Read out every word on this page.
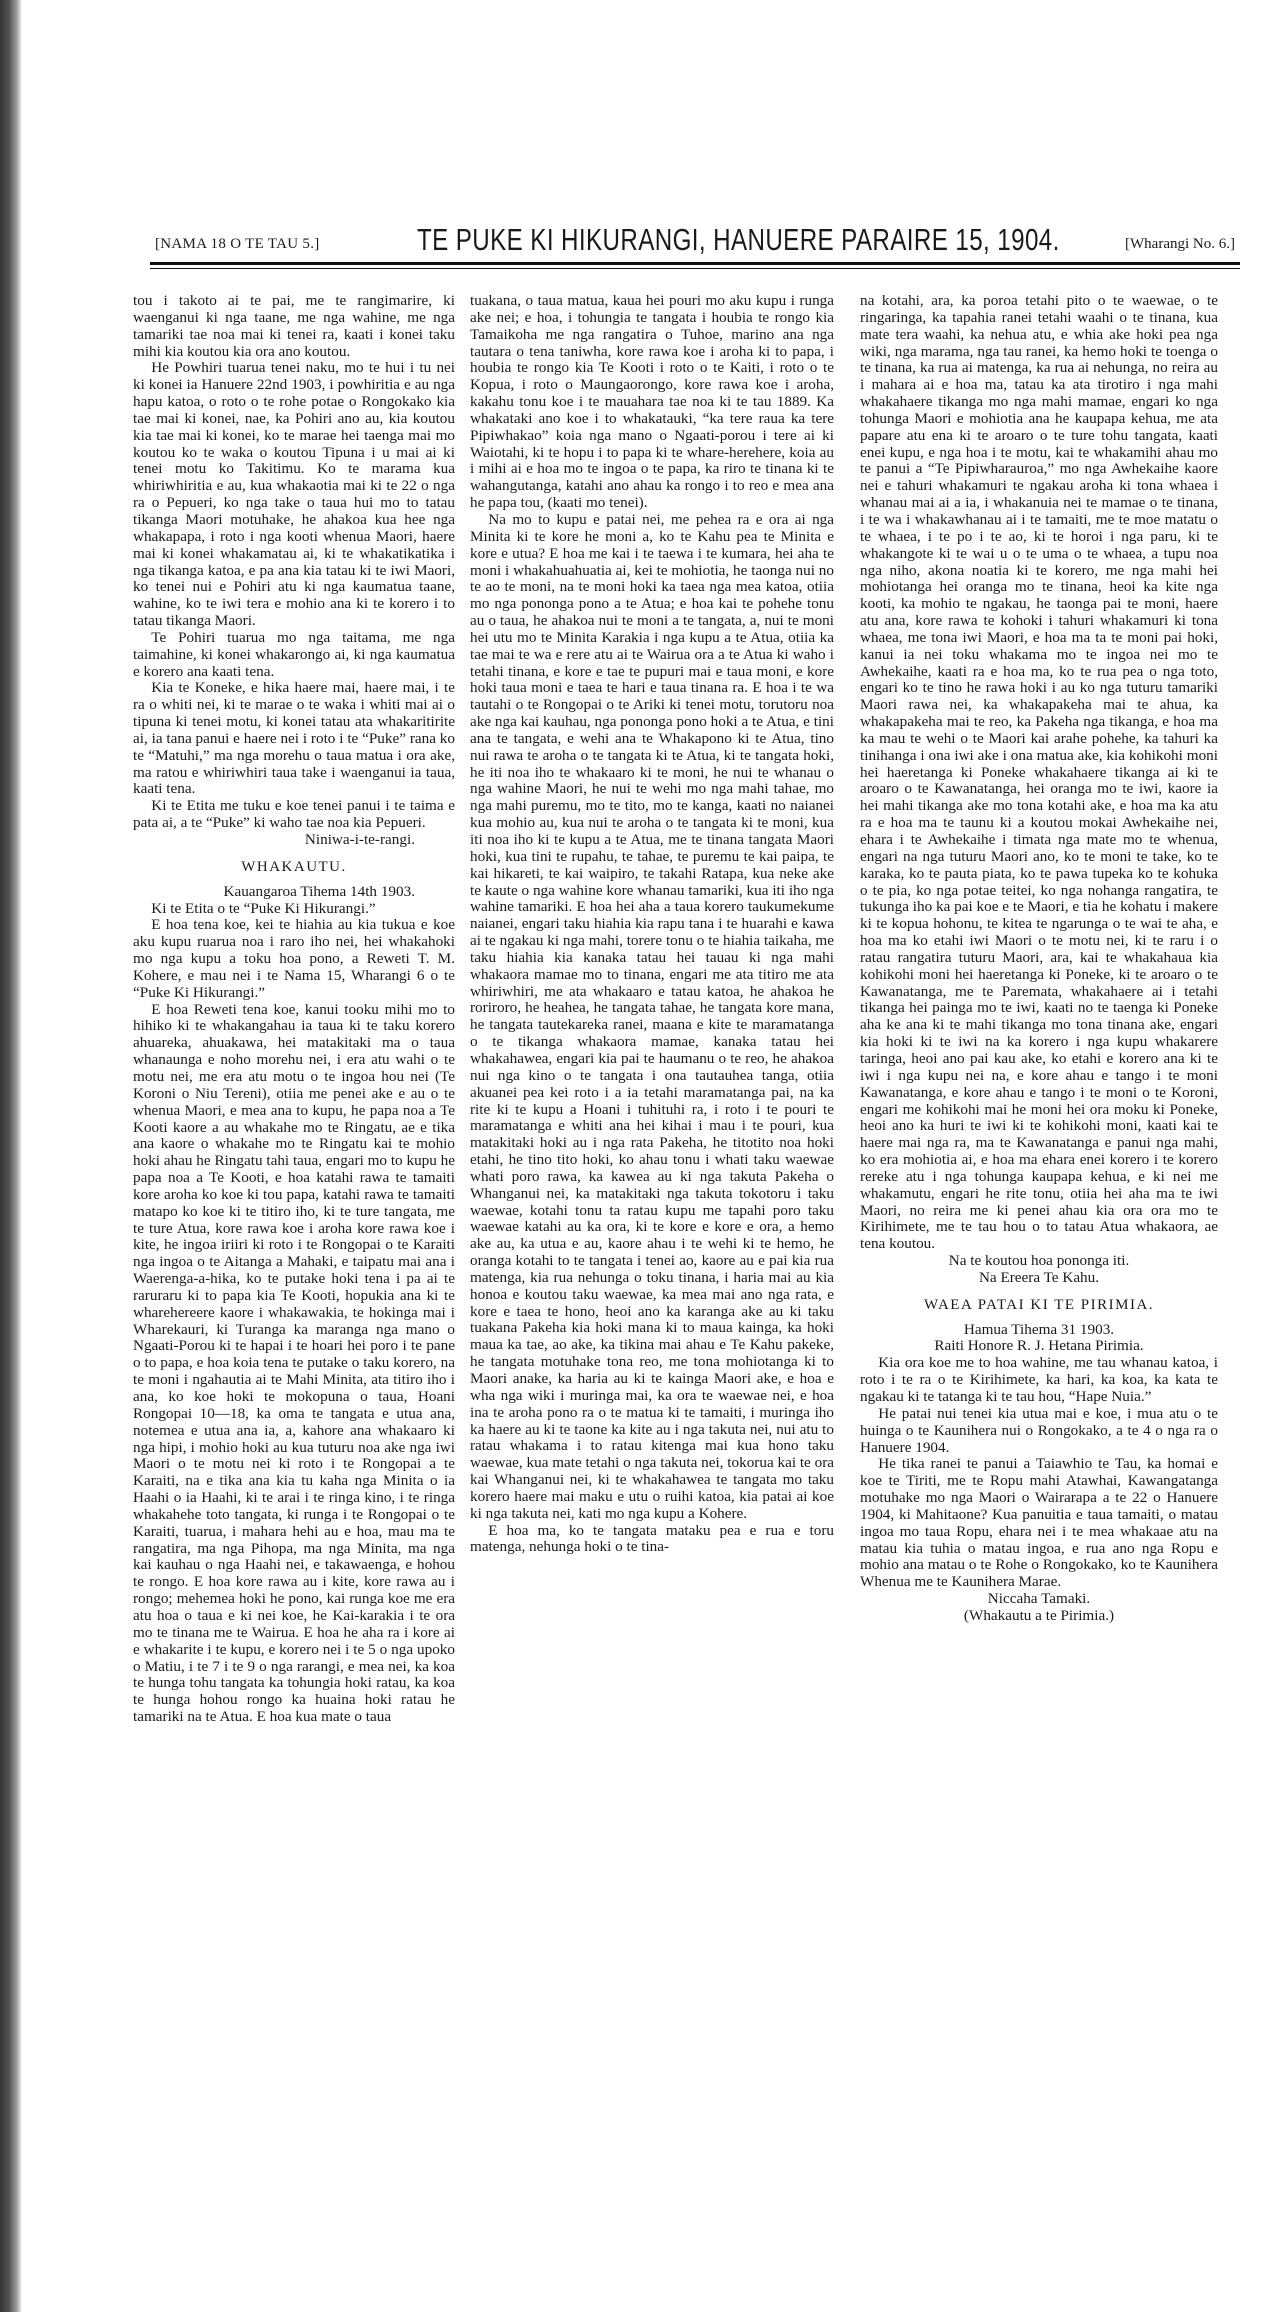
[NAMA 18 O TE TAU 5.]	TE PUKE KI HIKURANGI, HANUERE PARAIRE 15, 1904.	[Wharangi No. 6.]

tou i takoto ai te pai, me te rangimarire, ki waenganui ki nga taane, me nga wahine, me nga tamariki tae noa mai ki tenei ra, kaati i konei taku mihi kia koutou kia ora ano koutou.

He Powhiri tuarua tenei naku, mo te hui i tu nei ki konei ia Hanuere 22nd 1903, i powhiritia e au nga hapu katoa, o roto o te rohe potae o Rongokako kia tae mai ki konei, nae, ka Pohiri ano au, kia koutou kia tae mai ki konei, ko te marae hei taenga mai mo koutou ko te waka o koutou Tipuna i u mai ai ki tenei motu ko Takitimu. Ko te marama kua whiriwhiritia e au, kua whakaotia mai ki te 22 o nga ra o Pepueri, ko nga take o taua hui mo to tatau tikanga Maori motuhake, he ahakoa kua hee nga whakapapa, i roto i nga kooti whenua Maori, haere mai ki konei whakamatau ai, ki te whakatikatika i nga tikanga katoa, e pa ana kia tatau ki te iwi Maori, ko tenei nui e Pohiri atu ki nga kaumatua taane, wahine, ko te iwi tera e mohio ana ki te korero i to tatau tikanga Maori.

Te Pohiri tuarua mo nga taitama, me nga taimahine, ki konei whakarongo ai, ki nga kaumatua e korero ana kaati tena.

Kia te Koneke, e hika haere mai, haere mai, i te ra o whiti nei, ki te marae o te waka i whiti mai ai o tipuna ki tenei motu, ki konei tatau ata whakaritirite ai, ia tana panui e haere nei i roto i te “Puke” rana ko te “Matuhi,” ma nga morehu o taua matua i ora ake, ma ratou e whiriwhiri taua take i waenganui ia taua, kaati tena.

Ki te Etita me tuku e koe tenei panui i te taima e pata ai, a te “Puke” ki waho tae noa kia Pepueri.

Niniwa-i-te-rangi.

WHAKAUTU.

Kauangaroa Tihema 14th 1903.

Ki te Etita o te “Puke Ki Hikurangi.”

E hoa tena koe, kei te hiahia au kia tukua e koe aku kupu ruarua noa i raro iho nei, hei whakahoki mo nga kupu a toku hoa pono, a Reweti T. M. Kohere, e mau nei i te Nama 15, Wharangi 6 o te “Puke Ki Hikurangi.”

E hoa Reweti tena koe, kanui tooku mihi mo to hihiko ki te whakangahau ia taua ki te taku korero ahuareka, ahuakawa, hei matakitaki ma o taua whanaunga e noho morehu nei, i era atu wahi o te motu nei, me era atu motu o te ingoa hou nei (Te Koroni o Niu Tereni), otiia me penei ake e au o te whenua Maori, e mea ana to kupu, he papa noa a Te Kooti kaore a au whakahe mo te Ringatu, ae e tika ana kaore o whakahe mo te Ringatu kai te mohio hoki ahau he Ringatu tahi taua, engari mo to kupu he papa noa a Te Kooti, e hoa katahi rawa te tamaiti kore aroha ko koe ki tou papa, katahi rawa te tamaiti matapo ko koe ki te titiro iho, ki te ture tangata, me te ture Atua, kore rawa koe i aroha kore rawa koe i kite, he ingoa iriiri ki roto i te Rongopai o te Karaiti nga ingoa o te Aitanga a Mahaki, e taipatu mai ana i Waerenga-a-hika, ko te putake hoki tena i pa ai te raruraru ki to papa kia Te Kooti, hopukia ana ki te wharehereere kaore i whakawakia, te hokinga mai i Wharekauri, ki Turanga ka maranga nga mano o Ngaati-Porou ki te hapai i te hoari hei poro i te pane o to papa, e hoa koia tena te putake o taku korero, na te moni i ngahautia ai te Mahi Minita, ata titiro iho i ana, ko koe hoki te mokopuna o taua, Hoani Rongopai 10—18, ka oma te tangata e utua ana, notemea e utua ana ia, a, kahore ana whakaaro ki nga hipi, i mohio hoki au kua tuturu noa ake nga iwi Maori o te motu nei ki roto i te Rongopai a te Karaiti, na e tika ana kia tu kaha nga Minita o ia Haahi o ia Haahi, ki te arai i te ringa kino, i te ringa whakahehe toto tangata, ki runga i te Rongopai o te Karaiti, tuarua, i mahara hehi au e hoa, mau ma te rangatira, ma nga Pihopa, ma nga Minita, ma nga kai kauhau o nga Haahi nei, e takawaenga, e hohou te rongo. E hoa kore rawa au i kite, kore rawa au i rongo; mehemea hoki he pono, kai runga koe me era atu hoa o taua e ki nei koe, he Kai-karakia i te ora mo te tinana me te Wairua. E hoa he aha ra i kore ai e whakarite i te kupu, e korero nei i te 5 o nga upoko o Matiu, i te 7 i te 9 o nga rarangi, e mea nei, ka koa te hunga tohu tangata ka tohungia hoki ratau, ka koa te hunga hohou rongo ka huaina hoki ratau he tamariki na te Atua. E hoa kua mate o taua

tuakana, o taua matua, kaua hei pouri mo aku kupu i runga ake nei; e hoa, i tohungia te tangata i houbia te rongo kia Tamaikoha me nga rangatira o Tuhoe, marino ana nga tautara o tena taniwha, kore rawa koe i aroha ki to papa, i houbia te rongo kia Te Kooti i roto o te Kaiti, i roto o te Kopua, i roto o Maungaorongo, kore rawa koe i aroha, kakahu tonu koe i te mauahara tae noa ki te tau 1889. Ka whakataki ano koe i to whakatauki, “ka tere raua ka tere Pipiwhakao” koia nga mano o Ngaati-porou i tere ai ki Waiotahi, ki te hopu i to papa ki te whare-herehere, koia au i mihi ai e hoa mo te ingoa o te papa, ka riro te tinana ki te wahangutanga, katahi ano ahau ka rongo i to reo e mea ana he papa tou, (kaati mo tenei).

Na mo to kupu e patai nei, me pehea ra e ora ai nga Minita ki te kore he moni a, ko te Kahu pea te Minita e kore e utua? E hoa me kai i te taewa i te kumara, hei aha te moni i whakahuahuatia ai, kei te mohiotia, he taonga nui no te ao te moni, na te moni hoki ka taea nga mea katoa, otiia mo nga pononga pono a te Atua; e hoa kai te pohehe tonu au o taua, he ahakoa nui te moni a te tangata, a, nui te moni hei utu mo te Minita Karakia i nga kupu a te Atua, otiia ka tae mai te wa e rere atu ai te Wairua ora a te Atua ki waho i tetahi tinana, e kore e tae te pupuri mai e taua moni, e kore hoki taua moni e taea te hari e taua tinana ra. E hoa i te wa tautahi o te Rongopai o te Ariki ki tenei motu, torutoru noa ake nga kai kauhau, nga pononga pono hoki a te Atua, e tini ana te tangata, e wehi ana te Whakapono ki te Atua, tino nui rawa te aroha o te tangata ki te Atua, ki te tangata hoki, he iti noa iho te whakaaro ki te moni, he nui te whanau o nga wahine Maori, he nui te wehi mo nga mahi tahae, mo nga mahi puremu, mo te tito, mo te kanga, kaati no naianei kua mohio au, kua nui te aroha o te tangata ki te moni, kua iti noa iho ki te kupu a te Atua, me te tinana tangata Maori hoki, kua tini te rupahu, te tahae, te puremu te kai paipa, te kai hikareti, te kai waipiro, te takahi Ratapa, kua neke ake te kaute o nga wahine kore whanau tamariki, kua iti iho nga wahine tamariki. E hoa hei aha a taua korero taukumekume naianei, engari taku hiahia kia rapu tana i te huarahi e kawa ai te ngakau ki nga mahi, torere tonu o te hiahia taikaha, me taku hiahia kia kanaka tatau hei tauau ki nga mahi whakaora mamae mo to tinana, engari me ata titiro me ata whiriwhiri, me ata whakaaro e tatau katoa, he ahakoa he roriroro, he heahea, he tangata tahae, he tangata kore mana, he tangata tautekareka ranei, maana e kite te maramatanga o te tikanga whakaora mamae, kanaka tatau hei whakahawea, engari kia pai te haumanu o te reo, he ahakoa nui nga kino o te tangata i ona tautauhea tanga, otiia akuanei pea kei roto i a ia tetahi maramatanga pai, na ka rite ki te kupu a Hoani i tuhituhi ra, i roto i te pouri te maramatanga e whiti ana hei kihai i mau i te pouri, kua matakitaki hoki au i nga rata Pakeha, he titotito noa hoki etahi, he tino tito hoki, ko ahau tonu i whati taku waewae whati poro rawa, ka kawea au ki nga takuta Pakeha o Whanganui nei, ka matakitaki nga takuta tokotoru i taku waewae, kotahi tonu ta ratau kupu me tapahi poro taku waewae katahi au ka ora, ki te kore e kore e ora, a hemo ake au, ka utua e au, kaore ahau i te wehi ki te hemo, he oranga kotahi to te tangata i tenei ao, kaore au e pai kia rua matenga, kia rua nehunga o toku tinana, i haria mai au kia honoa e koutou taku waewae, ka mea mai ano nga rata, e kore e taea te hono, heoi ano ka karanga ake au ki taku tuakana Pakeha kia hoki mana ki to maua kainga, ka hoki maua ka tae, ao ake, ka tikina mai ahau e Te Kahu pakeke, he tangata motuhake tona reo, me tona mohiotanga ki to Maori anake, ka haria au ki te kainga Maori ake, e hoa e wha nga wiki i muringa mai, ka ora te waewae nei, e hoa ina te aroha pono ra o te matua ki te tamaiti, i muringa iho ka haere au ki te taone ka kite au i nga takuta nei, nui atu to ratau whakama i to ratau kitenga mai kua hono taku waewae, kua mate tetahi o nga takuta nei, tokorua kai te ora kai Whanganui nei, ki te whakahawea te tangata mo taku korero haere mai maku e utu o ruihi katoa, kia patai ai koe ki nga takuta nei, kati mo nga kupu a Kohere.

E hoa ma, ko te tangata mataku pea e rua e toru matenga, nehunga hoki o te tina-

na kotahi, ara, ka poroa tetahi pito o te waewae, o te ringaringa, ka tapahia ranei tetahi waahi o te tinana, kua mate tera waahi, ka nehua atu, e whia ake hoki pea nga wiki, nga marama, nga tau ranei, ka hemo hoki te toenga o te tinana, ka rua ai matenga, ka rua ai nehunga, no reira au i mahara ai e hoa ma, tatau ka ata tirotiro i nga mahi whakahaere tikanga mo nga mahi mamae, engari ko nga tohunga Maori e mohiotia ana he kaupapa kehua, me ata papare atu ena ki te aroaro o te ture tohu tangata, kaati enei kupu, e nga hoa i te motu, kai te whakamihi ahau mo te panui a “Te Pipiwharauroa,” mo nga Awhekaihe kaore nei e tahuri whakamuri te ngakau aroha ki tona whaea i whanau mai ai a ia, i whakanuia nei te mamae o te tinana, i te wa i whakawhanau ai i te tamaiti, me te moe matatu o te whaea, i te po i te ao, ki te horoi i nga paru, ki te whakangote ki te wai u o te uma o te whaea, a tupu noa nga niho, akona noatia ki te korero, me nga mahi hei mohiotanga hei oranga mo te tinana, heoi ka kite nga kooti, ka mohio te ngakau, he taonga pai te moni, haere atu ana, kore rawa te kohoki i tahuri whakamuri ki tona whaea, me tona iwi Maori, e hoa ma ta te moni pai hoki, kanui ia nei toku whakama mo te ingoa nei mo te Awhekaihe, kaati ra e hoa ma, ko te rua pea o nga toto, engari ko te tino he rawa hoki i au ko nga tuturu tamariki Maori rawa nei, ka whakapakeha mai te ahua, ka whakapakeha mai te reo, ka Pakeha nga tikanga, e hoa ma ka mau te wehi o te Maori kai arahe pohehe, ka tahuri ka tinihanga i ona iwi ake i ona matua ake, kia kohikohi moni hei haeretanga ki Poneke whakahaere tikanga ai ki te aroaro o te Kawanatanga, hei oranga mo te iwi, kaore ia hei mahi tikanga ake mo tona kotahi ake, e hoa ma ka atu ra e hoa ma te taunu ki a koutou mokai Awhekaihe nei, ehara i te Awhekaihe i timata nga mate mo te whenua, engari na nga tuturu Maori ano, ko te moni te take, ko te karaka, ko te pauta piata, ko te pawa tupeka ko te kohuka o te pia, ko nga potae teitei, ko nga nohanga rangatira, te tukunga iho ka pai koe e te Maori, e tia he kohatu i makere ki te kopua hohonu, te kitea te ngarunga o te wai te aha, e hoa ma ko etahi iwi Maori o te motu nei, ki te raru i o ratau rangatira tuturu Maori, ara, kai te whakahaua kia kohikohi moni hei haeretanga ki Poneke, ki te aroaro o te Kawanatanga, me te Paremata, whakahaere ai i tetahi tikanga hei painga mo te iwi, kaati no te taenga ki Poneke aha ke ana ki te mahi tikanga mo tona tinana ake, engari kia hoki ki te iwi na ka korero i nga kupu whakarere taringa, heoi ano pai kau ake, ko etahi e korero ana ki te iwi i nga kupu nei na, e kore ahau e tango i te moni Kawanatanga, e kore ahau e tango i te moni o te Koroni, engari me kohikohi mai he moni hei ora moku ki Poneke, heoi ano ka huri te iwi ki te kohikohi moni, kaati kai te haere mai nga ra, ma te Kawanatanga e panui nga mahi, ko era mohiotia ai, e hoa ma ehara enei korero i te korero rereke atu i nga tohunga kaupapa kehua, e ki nei me whakamutu, engari he rite tonu, otiia hei aha ma te iwi Maori, no reira me ki penei ahau kia ora ora mo te Kirihimete, me te tau hou o to tatau Atua whakaora, ae tena koutou.

Na te koutou hoa pononga iti.

Na Ereera Te Kahu.

WAEA PATAI KI TE PIRIMIA.

Hamua Tihema 31 1903.

Raiti Honore R. J. Hetana Pirimia.

Kia ora koe me to hoa wahine, me tau whanau katoa, i roto i te ra o te Kirihimete, ka hari, ka koa, ka kata te ngakau ki te tatanga ki te tau hou, “Hape Nuia.”

He patai nui tenei kia utua mai e koe, i mua atu o te huinga o te Kaunihera nui o Rongokako, a te 4 o nga ra o Hanuere 1904.

He tika ranei te panui a Taiawhio te Tau, ka homai e koe te Tiriti, me te Ropu mahi Atawhai, Kawangatanga motuhake mo nga Maori o Wairarapa a te 22 o Hanuere 1904, ki Mahitaone? Kua panuitia e taua tamaiti, o matau ingoa mo taua Ropu, ehara nei i te mea whakaae atu na matau kia tuhia o matau ingoa, e rua ano nga Ropu e mohio ana matau o te Rohe o Rongokako, ko te Kaunihera Whenua me te Kaunihera Marae.

Niccaha Tamaki.

(Whakautu a te Pirimia.)
